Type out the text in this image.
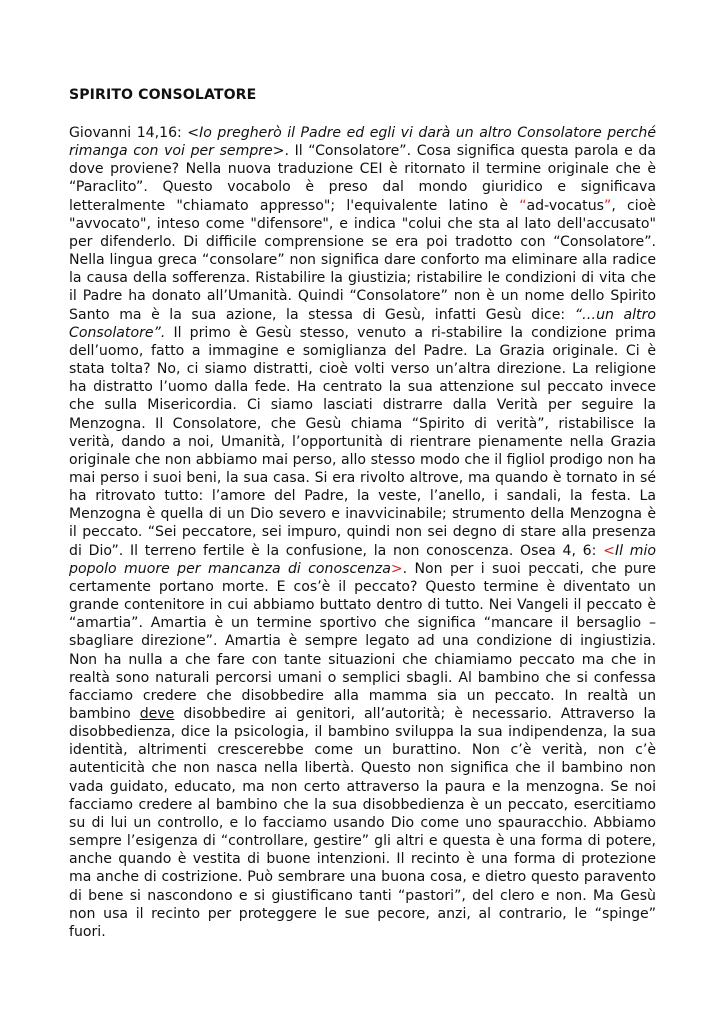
SPIRITO CONSOLATORE

Giovanni 14,16: <Io pregherò il Padre ed egli vi darà un altro Consolatore perché rimanga con voi per sempre>. Il “Consolatore”. Cosa significa questa parola e da dove proviene? Nella nuova traduzione CEI è ritornato il termine originale che è “Paraclito”. Questo vocabolo è preso dal mondo giuridico e significava letteralmente "chiamato appresso"; l'equivalente latino è “ad-vocatus”, cioè "avvocato", inteso come "difensore", e indica "colui che sta al lato dell'accusato" per difenderlo. Di difficile comprensione se era poi tradotto con “Consolatore”. Nella lingua greca “consolare” non significa dare conforto ma eliminare alla radice la causa della sofferenza. Ristabilire la giustizia; ristabilire le condizioni di vita che il Padre ha donato all’Umanità. Quindi “Consolatore” non è un nome dello Spirito Santo ma è la sua azione, la stessa di Gesù, infatti Gesù dice: “…un altro Consolatore”. Il primo è Gesù stesso, venuto a ri-stabilire la condizione prima dell’uomo, fatto a immagine e somiglianza del Padre. La Grazia originale. Ci è stata tolta? No, ci siamo distratti, cioè volti verso un’altra direzione. La religione ha distratto l’uomo dalla fede. Ha centrato la sua attenzione sul peccato invece che sulla Misericordia. Ci siamo lasciati distrarre dalla Verità per seguire la Menzogna. Il Consolatore, che Gesù chiama “Spirito di verità”, ristabilisce la verità, dando a noi, Umanità, l’opportunità di rientrare pienamente nella Grazia originale che non abbiamo mai perso, allo stesso modo che il figliol prodigo non ha mai perso i suoi beni, la sua casa. Si era rivolto altrove, ma quando è tornato in sé ha ritrovato tutto: l’amore del Padre, la veste, l’anello, i sandali, la festa. La Menzogna è quella di un Dio severo e inavvicinabile; strumento della Menzogna è il peccato. “Sei peccatore, sei impuro, quindi non sei degno di stare alla presenza di Dio”. Il terreno fertile è la confusione, la non conoscenza. Osea 4, 6: <Il mio popolo muore per mancanza di conoscenza>. Non per i suoi peccati, che pure certamente portano morte. E cos’è il peccato? Questo termine è diventato un grande contenitore in cui abbiamo buttato dentro di tutto. Nei Vangeli il peccato è “amartia”. Amartia è un termine sportivo che significa “mancare il bersaglio – sbagliare direzione”. Amartia è sempre legato ad una condizione di ingiustizia. Non ha nulla a che fare con tante situazioni che chiamiamo peccato ma che in realtà sono naturali percorsi umani o semplici sbagli. Al bambino che si confessa facciamo credere che disobbedire alla mamma sia un peccato. In realtà un bambino deve disobbedire ai genitori, all’autorità; è necessario. Attraverso la disobbedienza, dice la psicologia, il bambino sviluppa la sua indipendenza, la sua identità, altrimenti crescerebbe come un burattino. Non c’è verità, non c’è autenticità che non nasca nella libertà. Questo non significa che il bambino non vada guidato, educato, ma non certo attraverso la paura e la menzogna. Se noi facciamo credere al bambino che la sua disobbedienza è un peccato, esercitiamo su di lui un controllo, e lo facciamo usando Dio come uno spauracchio. Abbiamo sempre l’esigenza di “controllare, gestire” gli altri e questa è una forma di potere, anche quando è vestita di buone intenzioni. Il recinto è una forma di protezione ma anche di costrizione. Può sembrare una buona cosa, e dietro questo paravento di bene si nascondono e si giustificano tanti “pastori”, del clero e non. Ma Gesù non usa il recinto per proteggere le sue pecore, anzi, al contrario, le “spinge” fuori.
